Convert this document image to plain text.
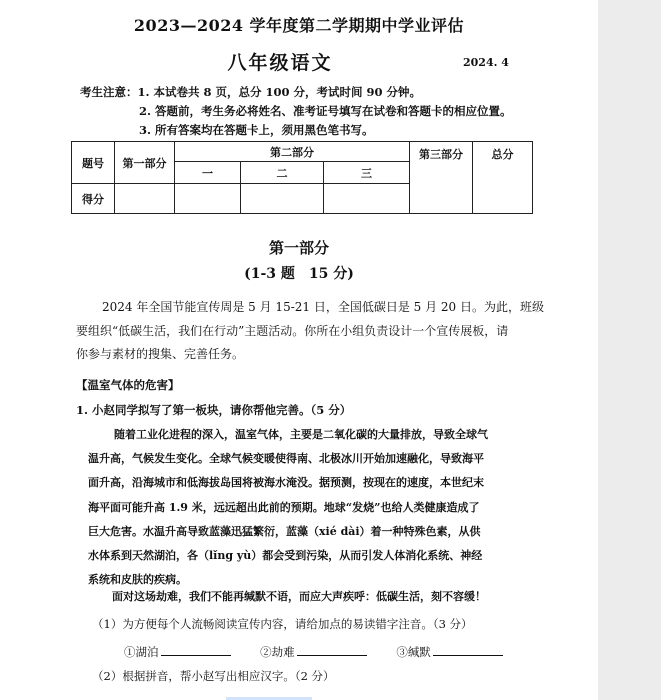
2023—2024 学年度第二学期期中学业评估
八年级语文	2024. 4
考生注意：1. 本试卷共 8 页，总分 100 分，考试时间 90 分钟。
2. 答题前，考生务必将姓名、准考证号填写在试卷和答题卡的相应位置。
3. 所有答案均在答题卡上，须用黑色笔书写。
题号	第一部分	第二部分			第三部分	总分
		一	二	三		
得分						
第一部分
(1-3 题　15 分)
2024 年全国节能宣传周是 5 月 15-21 日，全国低碳日是 5 月 20 日。为此，班级
要组织“低碳生活，我们在行动”主题活动。你所在小组负责设计一个宣传展板，请
你参与素材的搜集、完善任务。
【温室气体的危害】
1. 小赵同学拟写了第一板块，请你帮他完善。（5 分）
随着工业化进程的深入，温室气体，主要是二氧化碳的大量排放，导致全球气
温升高，气候发生变化。全球气候变暖使得南、北极冰川开始加速融化，导致海平
面升高，沿海城市和低海拔岛国将被海水淹没。据预测，按现在的速度，本世纪末
海平面可能升高 1.9 米，远远超出此前的预期。地球“发烧”也给人类健康造成了
巨大危害。水温升高导致蓝藻迅猛繁衍，蓝藻（xié dài）着一种特殊色素，从供
水体系到天然湖泊，各（lǐng yù）都会受到污染，从而引发人体消化系统、神经
系统和皮肤的疾病。
面对这场劫难，我们不能再缄默不语，而应大声疾呼：低碳生活，刻不容缓！
（1）为方便每个人流畅阅读宣传内容，请给加点的易读错字注音。（3 分）
①湖泊	②劫难	③缄默
（2）根据拼音，帮小赵写出相应汉字。（2 分）
